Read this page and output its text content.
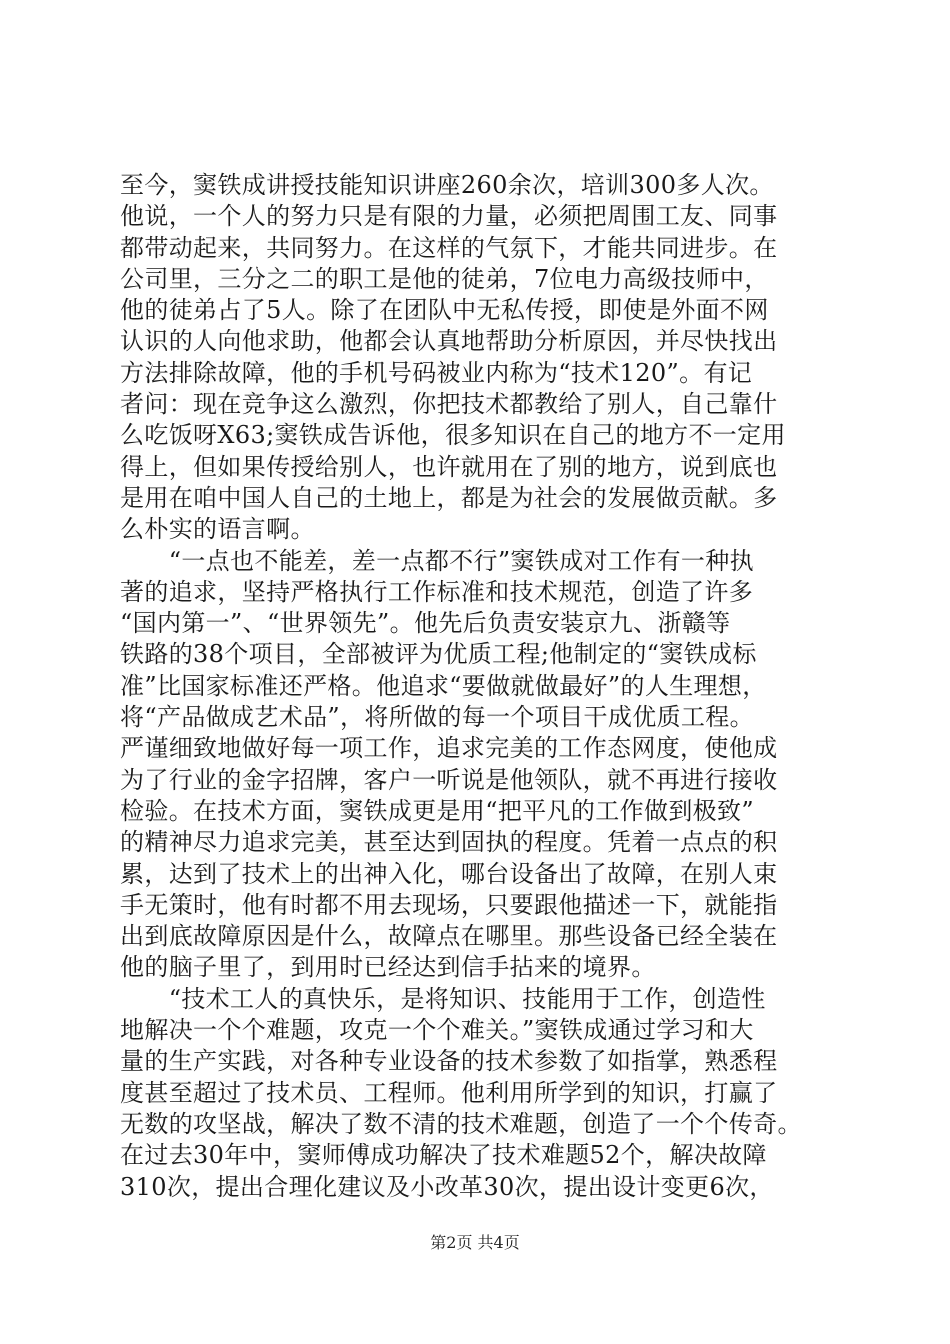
至今，窦铁成讲授技能知识讲座260余次，培训300多人次。
他说，一个人的努力只是有限的力量，必须把周围工友、同事
都带动起来，共同努力。在这样的气氛下，才能共同进步。在
公司里，三分之二的职工是他的徒弟，7位电力高级技师中，
他的徒弟占了5人。除了在团队中无私传授，即使是外面不网
认识的人向他求助，他都会认真地帮助分析原因，并尽快找出
方法排除故障，他的手机号码被业内称为“技术120”。有记
者问：现在竞争这么激烈，你把技术都教给了别人，自己靠什
么吃饭呀X63;窦铁成告诉他，很多知识在自己的地方不一定用
得上，但如果传授给别人，也许就用在了别的地方，说到底也
是用在咱中国人自己的土地上，都是为社会的发展做贡献。多
么朴实的语言啊。
　　“一点也不能差，差一点都不行”窦铁成对工作有一种执
著的追求，坚持严格执行工作标准和技术规范，创造了许多
“国内第一”、“世界领先”。他先后负责安装京九、浙赣等
铁路的38个项目，全部被评为优质工程;他制定的“窦铁成标
准”比国家标准还严格。他追求“要做就做最好”的人生理想，
将“产品做成艺术品”，将所做的每一个项目干成优质工程。
严谨细致地做好每一项工作，追求完美的工作态网度，使他成
为了行业的金字招牌，客户一听说是他领队，就不再进行接收
检验。在技术方面，窦铁成更是用“把平凡的工作做到极致”
的精神尽力追求完美，甚至达到固执的程度。凭着一点点的积
累，达到了技术上的出神入化，哪台设备出了故障，在别人束
手无策时，他有时都不用去现场，只要跟他描述一下，就能指
出到底故障原因是什么，故障点在哪里。那些设备已经全装在
他的脑子里了，到用时已经达到信手拈来的境界。
　　“技术工人的真快乐，是将知识、技能用于工作，创造性
地解决一个个难题，攻克一个个难关。”窦铁成通过学习和大
量的生产实践，对各种专业设备的技术参数了如指掌，熟悉程
度甚至超过了技术员、工程师。他利用所学到的知识，打赢了
无数的攻坚战，解决了数不清的技术难题，创造了一个个传奇。
在过去30年中，窦师傅成功解决了技术难题52个，解决故障
310次，提出合理化建议及小改革30次，提出设计变更6次，
第2页 共4页
